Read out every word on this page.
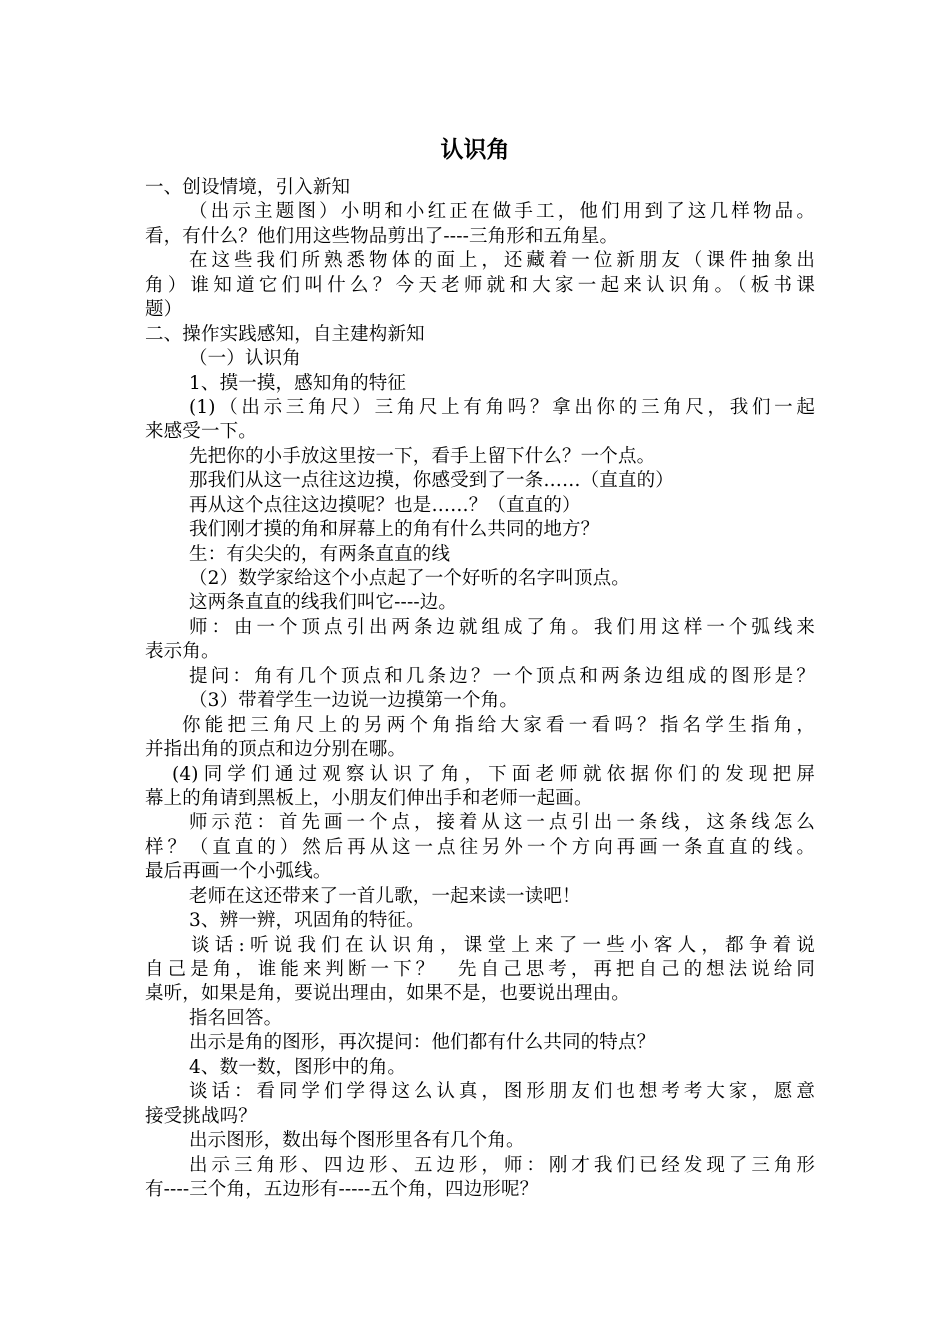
认识角
一、创设情境，引入新知
（出示主题图）小明和小红正在做手工，他们用到了这几样物品。
看，有什么？他们用这些物品剪出了----三角形和五角星。
在这些我们所熟悉物体的面上，还藏着一位新朋友（课件抽象出
角）谁知道它们叫什么？今天老师就和大家一起来认识角。（板书课
题）
二、操作实践感知，自主建构新知
（一）认识角
1、摸一摸，感知角的特征
(1)（出示三角尺）三角尺上有角吗？拿出你的三角尺，我们一起
来感受一下。
先把你的小手放这里按一下，看手上留下什么？一个点。
那我们从这一点往这边摸，你感受到了一条……（直直的）
再从这个点往这边摸呢？也是……？（直直的）
我们刚才摸的角和屏幕上的角有什么共同的地方？
生：有尖尖的，有两条直直的线
（2）数学家给这个小点起了一个好听的名字叫顶点。
这两条直直的线我们叫它----边。
师：由一个顶点引出两条边就组成了角。我们用这样一个弧线来
表示角。
提问：角有几个顶点和几条边？一个顶点和两条边组成的图形是？
（3）带着学生一边说一边摸第一个角。
你能把三角尺上的另两个角指给大家看一看吗？指名学生指角，
并指出角的顶点和边分别在哪。
(4)同学们通过观察认识了角，下面老师就依据你们的发现把屏
幕上的角请到黑板上，小朋友们伸出手和老师一起画。
师示范：首先画一个点，接着从这一点引出一条线，这条线怎么
样？（直直的）然后再从这一点往另外一个方向再画一条直直的线。
最后再画一个小弧线。
老师在这还带来了一首儿歌，一起来读一读吧！
3、辨一辨，巩固角的特征。
谈话:听说我们在认识角，课堂上来了一些小客人，都争着说
自己是角，谁能来判断一下？  先自己思考，再把自己的想法说给同
桌听，如果是角，要说出理由，如果不是，也要说出理由。
指名回答。
出示是角的图形，再次提问：他们都有什么共同的特点？
4、数一数，图形中的角。
谈话：看同学们学得这么认真，图形朋友们也想考考大家，愿意
接受挑战吗？
出示图形，数出每个图形里各有几个角。
出示三角形、四边形、五边形，师：刚才我们已经发现了三角形
有----三个角，五边形有-----五个角，四边形呢？
